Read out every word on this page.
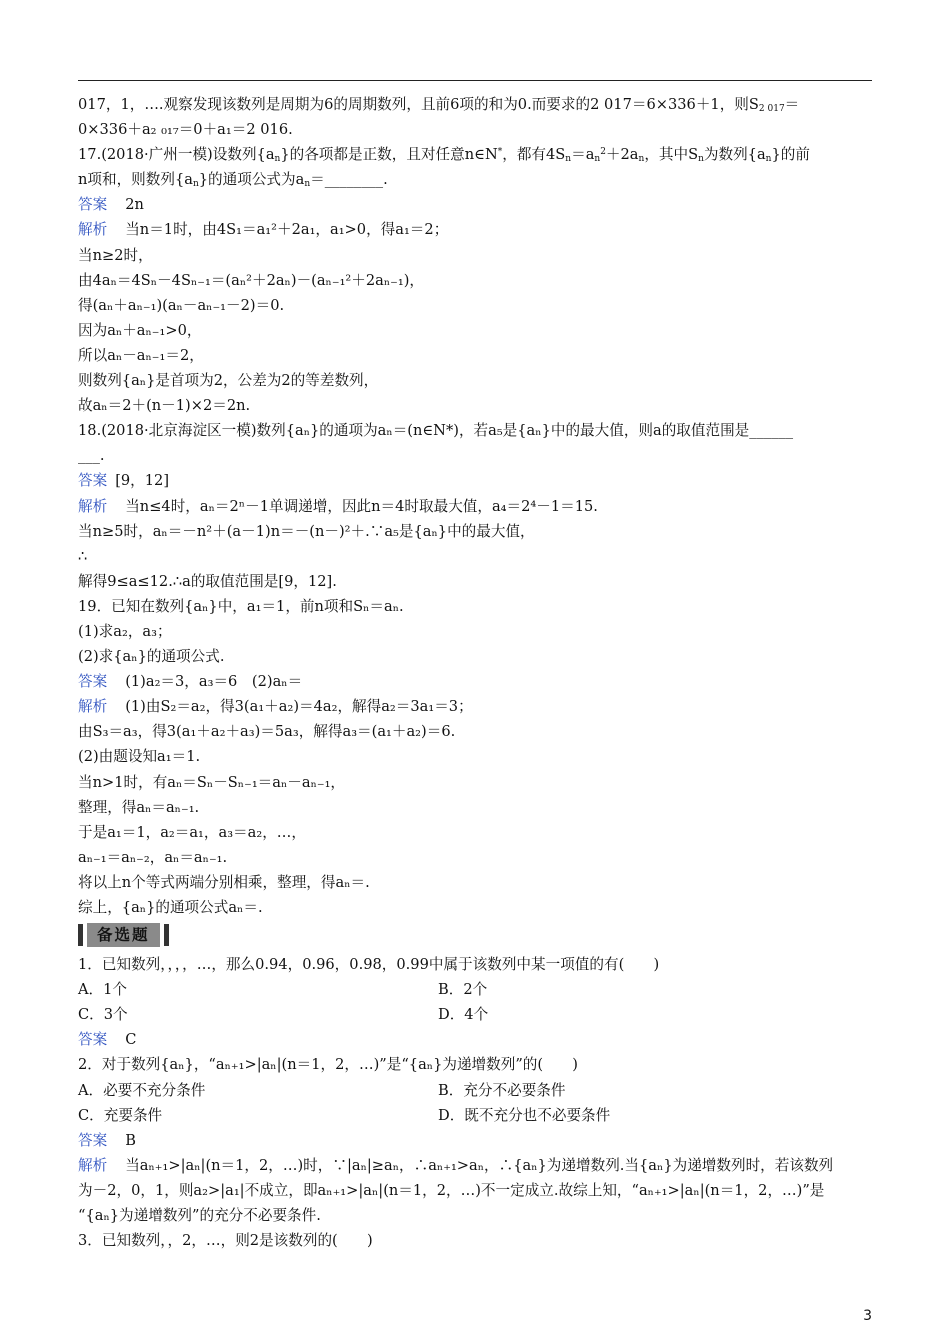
017，1，….观察发现该数列是周期为6的周期数列，且前6项的和为0.而要求的2 017＝6×336＋1，则$S_{2 017}=$
0×336＋a₂ ₀₁₇＝0＋a₁＝2 016.
17.(2018·广州一模)设数列$\{a_n\}$的各项都是正数，且对任意n∈N*，都有$4S_n=a_n^2+2a_n$，其中$S_n$为数列$\{a_n\}$的前
n项和，则数列$\{a_n\}$的通项公式为$a_n=\_\_\_\_\_\_\_\_$.
答案 2n
解析 当n＝1时，由4S₁＝a₁²＋2a₁，a₁>0，得a₁＝2；
当n≥2时，
由4aₙ＝4Sₙ－4Sₙ₋₁＝(aₙ²＋2aₙ)－(aₙ₋₁²＋2aₙ₋₁)，
得(aₙ＋aₙ₋₁)(aₙ－aₙ₋₁－2)＝0.
因为aₙ＋aₙ₋₁>0，
所以aₙ－aₙ₋₁＝2，
则数列{aₙ}是首项为2，公差为2的等差数列，
故aₙ＝2＋(n－1)×2＝2n.
18.(2018·北京海淀区一模)数列{aₙ}的通项为aₙ＝(n∈N*)，若a₅是{aₙ}中的最大值，则a的取值范围是______
___.
答案 [9，12]
解析 当n≤4时，aₙ＝2ⁿ－1单调递增，因此n＝4时取最大值，a₄＝2⁴－1＝15.
当n≥5时，aₙ＝－n²＋(a－1)n＝－(n－)²＋.∵a₅是{aₙ}中的最大值，
∴
解得9≤a≤12.∴a的取值范围是[9，12].
19．已知在数列{aₙ}中，a₁＝1，前n项和Sₙ＝aₙ.
(1)求a₂，a₃；
(2)求{aₙ}的通项公式.
答案 (1)a₂＝3，a₃＝6　(2)aₙ＝
解析 (1)由S₂＝a₂，得3(a₁＋a₂)＝4a₂，解得a₂＝3a₁＝3；
由S₃＝a₃，得3(a₁＋a₂＋a₃)＝5a₃，解得a₃＝(a₁＋a₂)＝6.
(2)由题设知a₁＝1.
当n>1时，有aₙ＝Sₙ－Sₙ₋₁＝aₙ－aₙ₋₁，
整理，得aₙ＝aₙ₋₁.
于是a₁＝1，a₂＝a₁，a₃＝a₂，…，
aₙ₋₁＝aₙ₋₂，aₙ＝aₙ₋₁.
将以上n个等式两端分别相乘，整理，得aₙ＝.
综上，{aₙ}的通项公式aₙ＝.
备选题
1．已知数列，，，，…，那么0.94，0.96，0.98，0.99中属于该数列中某一项值的有(　　)
A．1个	B．2个
C．3个	D．4个
答案 C
2．对于数列{aₙ}，“aₙ₊₁>|aₙ|(n＝1，2，…)”是“{aₙ}为递增数列”的(　　)
A．必要不充分条件	B．充分不必要条件
C．充要条件	D．既不充分也不必要条件
答案 B
解析 当aₙ₊₁>|aₙ|(n＝1，2，…)时，∵|aₙ|≥aₙ，∴aₙ₊₁>aₙ，∴{aₙ}为递增数列.当{aₙ}为递增数列时，若该数列
为－2，0，1，则a₂>|a₁|不成立，即aₙ₊₁>|aₙ|(n＝1，2，…)不一定成立.故综上知，“aₙ₊₁>|aₙ|(n＝1，2，…)”是
“{aₙ}为递增数列”的充分不必要条件.
3．已知数列，，2，…，则2是该数列的(　　)
3
